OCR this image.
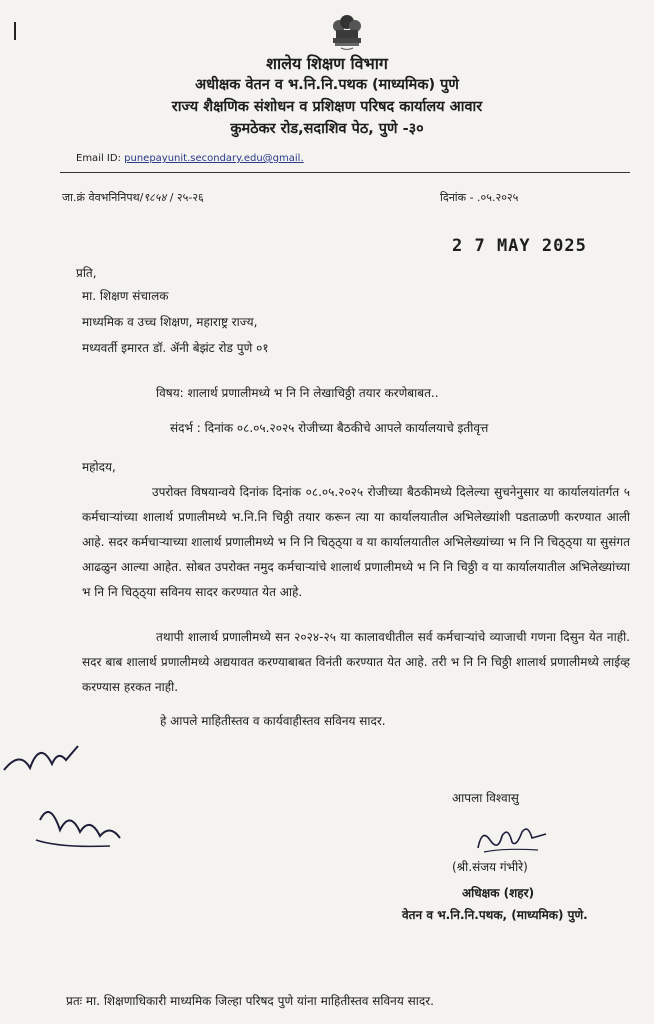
शालेय शिक्षण विभाग
अधीक्षक वेतन व भ.नि.नि.पथक (माध्यमिक) पुणे
राज्य शैक्षणिक संशोधन व प्रशिक्षण परिषद कार्यालय आवार
कुमठेकर रोड,सदाशिव पेठ, पुणे -३०
Email ID: punepayunit.secondary.edu@gmail.
जा.क्रं वेवभनिनिपथ/९८५४ / २५-२६	दिनांक - .०५.२०२५
2 7 MAY 2025
प्रति,
मा. शिक्षण संचालक
माध्यमिक व उच्च शिक्षण, महाराष्ट्र राज्य,
मध्यवर्ती इमारत डॉ. ॲनी बेझंट रोड पुणे ०१
विषय: शालार्थ प्रणालीमध्ये भ नि नि लेखाचिठ्ठी तयार करणेबाबत..
संदर्भ : दिनांक ०८.०५.२०२५ रोजीच्या बैठकीचे आपले कार्यालयाचे इतीवृत्त
महोदय,
उपरोक्त विषयान्वये दिनांक दिनांक ०८.०५.२०२५ रोजीच्या बैठकीमध्ये दिलेल्या सुचनेनुसार या कार्यालयांतर्गत ५ कर्मचाऱ्यांच्या शालार्थ प्रणालीमध्ये भ.नि.नि चिठ्ठी तयार करून त्या या कार्यालयातील अभिलेख्यांशी पडताळणी करण्यात आली आहे. सदर कर्मचाऱ्याच्या शालार्थ प्रणालीमध्ये भ नि नि चिठ्ठ्या व या कार्यालयातील अभिलेख्यांच्या भ नि नि चिठ्ठ्या या सुसंगत आढळुन आल्या आहेत. सोबत उपरोक्त नमुद कर्मचाऱ्यांचे शालार्थ प्रणालीमध्ये भ नि नि चिठ्ठी व या कार्यालयातील अभिलेख्यांच्या भ नि नि चिठ्ठ्या सविनय सादर करण्यात येत आहे.
तथापी शालार्थ प्रणालीमध्ये सन २०२४-२५ या कालावधीतील सर्व कर्मचाऱ्यांचे व्याजाची गणना दिसुन येत नाही. सदर बाब शालार्थ प्रणालीमध्ये अद्ययावत करण्याबाबत विनंती करण्यात येत आहे. तरी भ नि नि चिठ्ठी शालार्थ प्रणालीमध्ये लाईव्ह करण्यास हरकत नाही.
हे आपले माहितीस्तव व कार्यवाहीस्तव सविनय सादर.
आपला विश्वासु
(श्री.संजय गंभीरे)
अधिक्षक (शहर)
वेतन व भ.नि.नि.पथक, (माध्यमिक) पुणे.
प्रतः मा. शिक्षणाधिकारी माध्यमिक जिल्हा परिषद पुणे यांना माहितीस्तव सविनय सादर.
